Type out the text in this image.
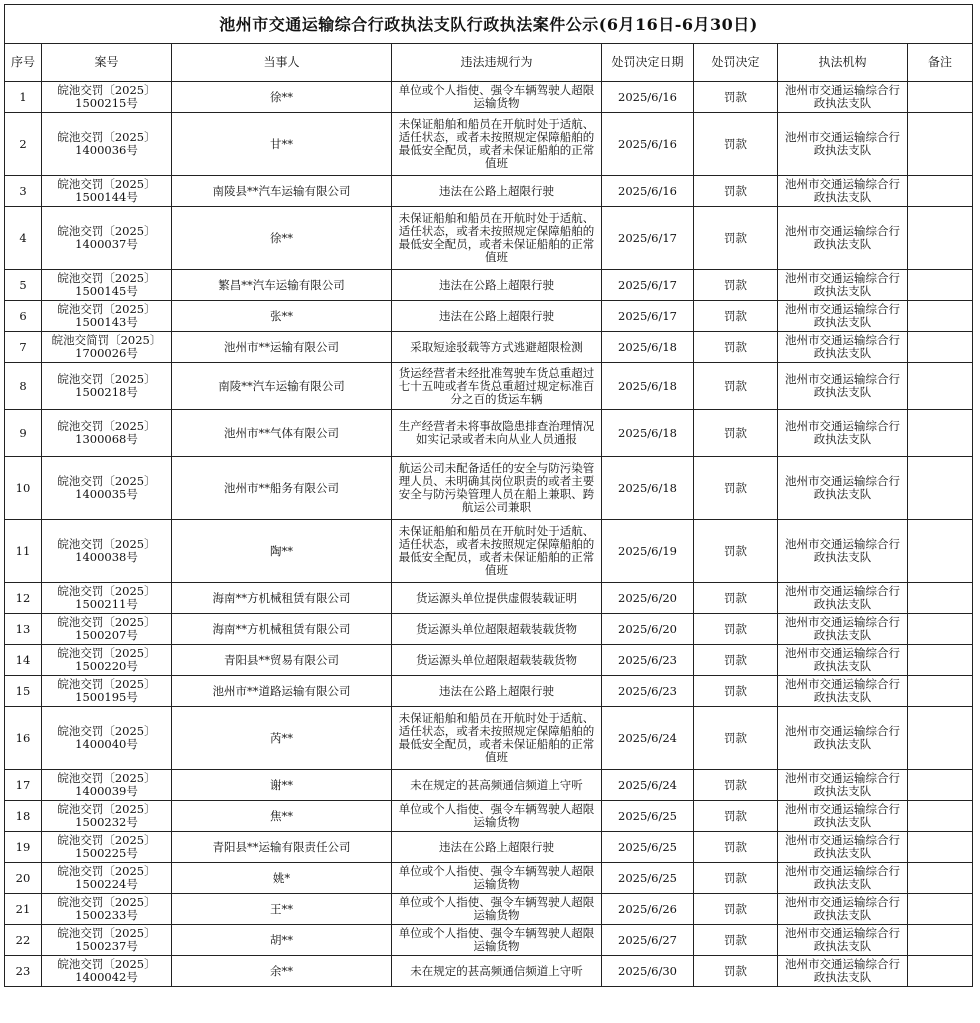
池州市交通运输综合行政执法支队行政执法案件公示(6月16日-6月30日)							
序号	案号	当事人	违法违规行为	处罚决定日期	处罚决定	执法机构	备注
1	皖池交罚〔2025〕1500215号	徐**	单位或个人指使、强令车辆驾驶人超限运输货物	2025/6/16	罚款	池州市交通运输综合行政执法支队	
2	皖池交罚〔2025〕1400036号	甘**	未保证船舶和船员在开航时处于适航、适任状态，或者未按照规定保障船舶的最低安全配员，或者未保证船舶的正常值班	2025/6/16	罚款	池州市交通运输综合行政执法支队	
3	皖池交罚〔2025〕1500144号	南陵县**汽车运输有限公司	违法在公路上超限行驶	2025/6/16	罚款	池州市交通运输综合行政执法支队	
4	皖池交罚〔2025〕1400037号	徐**	未保证船舶和船员在开航时处于适航、适任状态，或者未按照规定保障船舶的最低安全配员，或者未保证船舶的正常值班	2025/6/17	罚款	池州市交通运输综合行政执法支队	
5	皖池交罚〔2025〕1500145号	繁昌**汽车运输有限公司	违法在公路上超限行驶	2025/6/17	罚款	池州市交通运输综合行政执法支队	
6	皖池交罚〔2025〕1500143号	张**	违法在公路上超限行驶	2025/6/17	罚款	池州市交通运输综合行政执法支队	
7	皖池交简罚〔2025〕1700026号	池州市**运输有限公司	采取短途驳载等方式逃避超限检测	2025/6/18	罚款	池州市交通运输综合行政执法支队	
8	皖池交罚〔2025〕1500218号	南陵**汽车运输有限公司	货运经营者未经批准驾驶车货总重超过七十五吨或者车货总重超过规定标准百分之百的货运车辆	2025/6/18	罚款	池州市交通运输综合行政执法支队	
9	皖池交罚〔2025〕1300068号	池州市**气体有限公司	生产经营者未将事故隐患排查治理情况如实记录或者未向从业人员通报	2025/6/18	罚款	池州市交通运输综合行政执法支队	
10	皖池交罚〔2025〕1400035号	池州市**船务有限公司	航运公司未配备适任的安全与防污染管理人员、未明确其岗位职责的或者主要安全与防污染管理人员在船上兼职、跨航运公司兼职	2025/6/18	罚款	池州市交通运输综合行政执法支队	
11	皖池交罚〔2025〕1400038号	陶**	未保证船舶和船员在开航时处于适航、适任状态，或者未按照规定保障船舶的最低安全配员，或者未保证船舶的正常值班	2025/6/19	罚款	池州市交通运输综合行政执法支队	
12	皖池交罚〔2025〕1500211号	海南**方机械租赁有限公司	货运源头单位提供虚假装载证明	2025/6/20	罚款	池州市交通运输综合行政执法支队	
13	皖池交罚〔2025〕1500207号	海南**方机械租赁有限公司	货运源头单位超限超载装载货物	2025/6/20	罚款	池州市交通运输综合行政执法支队	
14	皖池交罚〔2025〕1500220号	青阳县**贸易有限公司	货运源头单位超限超载装载货物	2025/6/23	罚款	池州市交通运输综合行政执法支队	
15	皖池交罚〔2025〕1500195号	池州市**道路运输有限公司	违法在公路上超限行驶	2025/6/23	罚款	池州市交通运输综合行政执法支队	
16	皖池交罚〔2025〕1400040号	芮**	未保证船舶和船员在开航时处于适航、适任状态，或者未按照规定保障船舶的最低安全配员，或者未保证船舶的正常值班	2025/6/24	罚款	池州市交通运输综合行政执法支队	
17	皖池交罚〔2025〕1400039号	谢**	未在规定的甚高频通信频道上守听	2025/6/24	罚款	池州市交通运输综合行政执法支队	
18	皖池交罚〔2025〕1500232号	焦**	单位或个人指使、强令车辆驾驶人超限运输货物	2025/6/25	罚款	池州市交通运输综合行政执法支队	
19	皖池交罚〔2025〕1500225号	青阳县**运输有限责任公司	违法在公路上超限行驶	2025/6/25	罚款	池州市交通运输综合行政执法支队	
20	皖池交罚〔2025〕1500224号	姚*	单位或个人指使、强令车辆驾驶人超限运输货物	2025/6/25	罚款	池州市交通运输综合行政执法支队	
21	皖池交罚〔2025〕1500233号	王**	单位或个人指使、强令车辆驾驶人超限运输货物	2025/6/26	罚款	池州市交通运输综合行政执法支队	
22	皖池交罚〔2025〕1500237号	胡**	单位或个人指使、强令车辆驾驶人超限运输货物	2025/6/27	罚款	池州市交通运输综合行政执法支队	
23	皖池交罚〔2025〕1400042号	余**	未在规定的甚高频通信频道上守听	2025/6/30	罚款	池州市交通运输综合行政执法支队	
